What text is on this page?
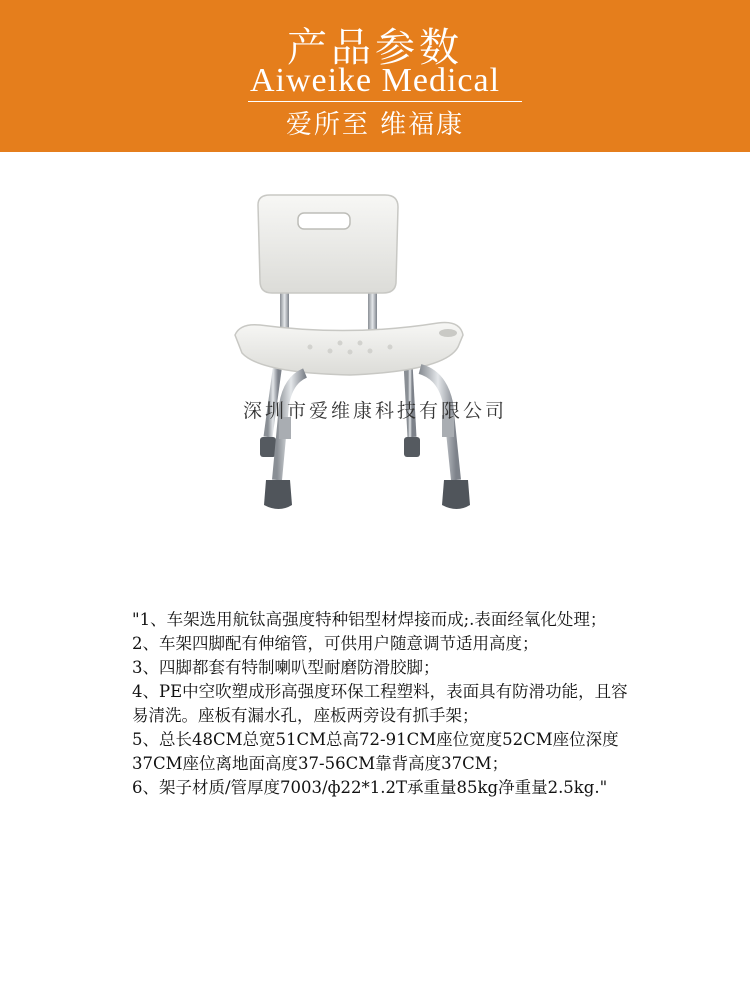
产品参数
Aiweike Medical
爱所至 维福康
深圳市爱维康科技有限公司

"1、车架选用航钛高强度特种铝型材焊接而成;.表面经氧化处理；

2、车架四脚配有伸缩管，可供用户随意调节适用高度；

3、四脚都套有特制喇叭型耐磨防滑胶脚；

4、PE中空吹塑成形高强度环保工程塑料，表面具有防滑功能，且容易清洗。座板有漏水孔，座板两旁设有抓手架；

5、总长48CM总宽51CM总高72-91CM座位宽度52CM座位深度37CM座位离地面高度37-56CM靠背高度37CM；

6、架子材质/管厚度7003/ф22*1.2T承重量85kg净重量2.5kg."
